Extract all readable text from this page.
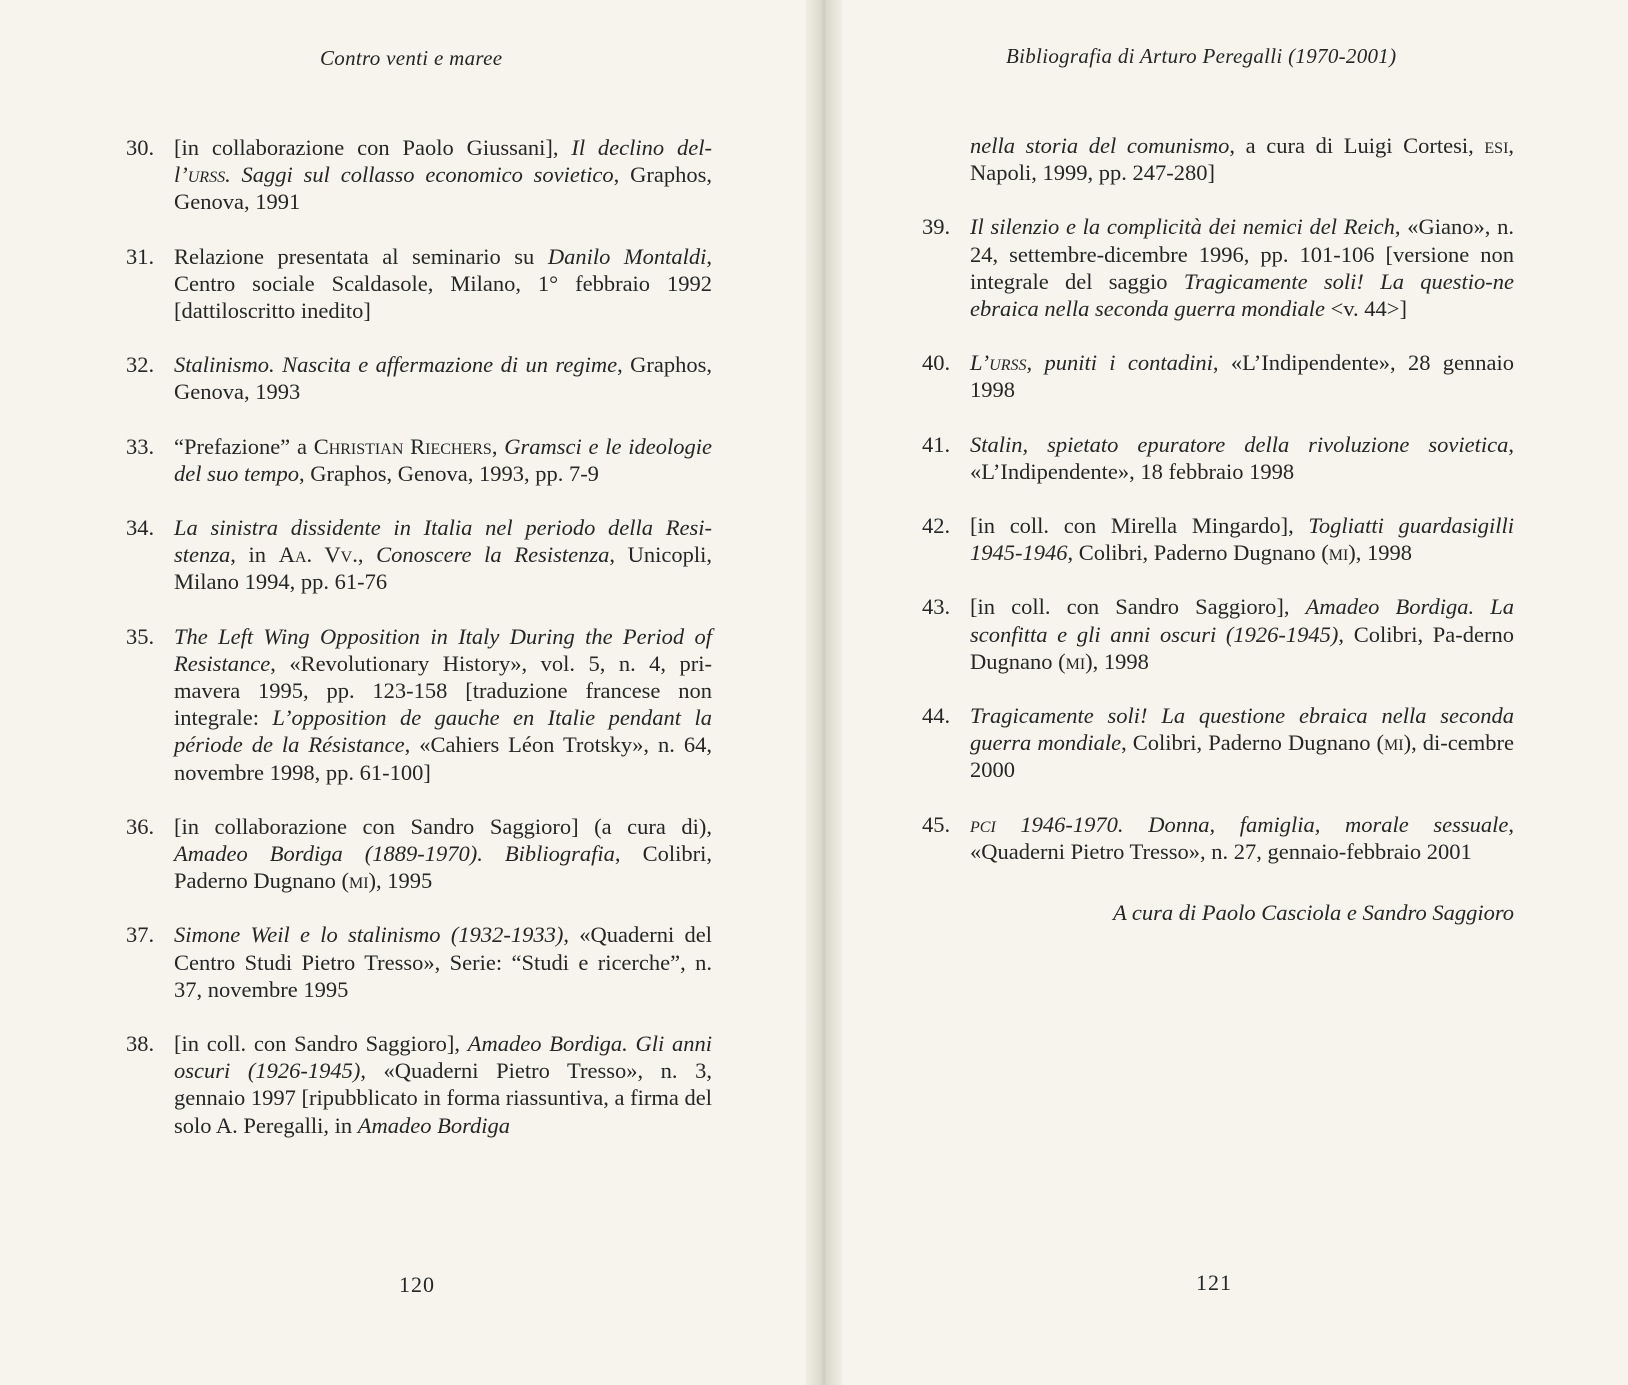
Contro venti e maree
30. [in collaborazione con Paolo Giussani], Il declino del-l’urss. Saggi sul collasso economico sovietico, Graphos, Genova, 1991
31. Relazione presentata al seminario su Danilo Montaldi, Centro sociale Scaldasole, Milano, 1° febbraio 1992 [dattiloscritto inedito]
32. Stalinismo. Nascita e affermazione di un regime, Graphos, Genova, 1993
33. “Prefazione” a Christian Riechers, Gramsci e le ideologie del suo tempo, Graphos, Genova, 1993, pp. 7-9
34. La sinistra dissidente in Italia nel periodo della Resi-stenza, in Aa. Vv., Conoscere la Resistenza, Unicopli, Milano 1994, pp. 61-76
35. The Left Wing Opposition in Italy During the Period of Resistance, «Revolutionary History», vol. 5, n. 4, pri-mavera 1995, pp. 123-158 [traduzione francese non integrale: L’opposition de gauche en Italie pendant la période de la Résistance, «Cahiers Léon Trotsky», n. 64, novembre 1998, pp. 61-100]
36. [in collaborazione con Sandro Saggioro] (a cura di), Amadeo Bordiga (1889-1970). Bibliografia, Colibri, Paderno Dugnano (mi), 1995
37. Simone Weil e lo stalinismo (1932-1933), «Quaderni del Centro Studi Pietro Tresso», Serie: “Studi e ricerche”, n. 37, novembre 1995
38. [in coll. con Sandro Saggioro], Amadeo Bordiga. Gli anni oscuri (1926-1945), «Quaderni Pietro Tresso», n. 3, gennaio 1997 [ripubblicato in forma riassuntiva, a firma del solo A. Peregalli, in Amadeo Bordiga
120
Bibliografia di Arturo Peregalli (1970-2001)
nella storia del comunismo, a cura di Luigi Cortesi, esi, Napoli, 1999, pp. 247-280]
39. Il silenzio e la complicità dei nemici del Reich, «Giano», n. 24, settembre-dicembre 1996, pp. 101-106 [versione non integrale del saggio Tragicamente soli! La questio-ne ebraica nella seconda guerra mondiale <v. 44>]
40. L’urss, puniti i contadini, «L’Indipendente», 28 gennaio 1998
41. Stalin, spietato epuratore della rivoluzione sovietica, «L’Indipendente», 18 febbraio 1998
42. [in coll. con Mirella Mingardo], Togliatti guardasigilli 1945-1946, Colibri, Paderno Dugnano (mi), 1998
43. [in coll. con Sandro Saggioro], Amadeo Bordiga. La sconfitta e gli anni oscuri (1926-1945), Colibri, Pa-derno Dugnano (mi), 1998
44. Tragicamente soli! La questione ebraica nella seconda guerra mondiale, Colibri, Paderno Dugnano (mi), di-cembre 2000
45. pci 1946-1970. Donna, famiglia, morale sessuale, «Quaderni Pietro Tresso», n. 27, gennaio-febbraio 2001
A cura di Paolo Casciola e Sandro Saggioro
121
